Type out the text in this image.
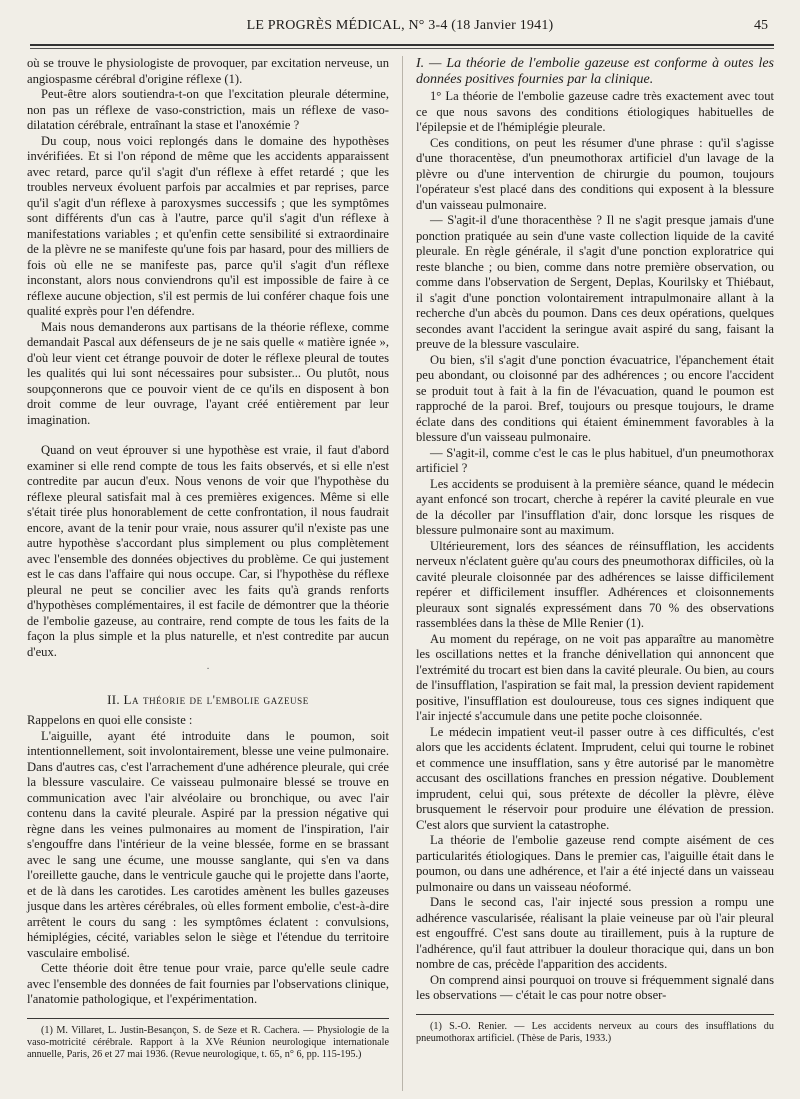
LE PROGRÈS MÉDICAL, N° 3-4 (18 Janvier 1941)	45

où se trouve le physiologiste de provoquer, par excitation nerveuse, un angiospasme cérébral d'origine réflexe (1).

Peut-être alors soutiendra-t-on que l'excitation pleurale détermine, non pas un réflexe de vaso-constriction, mais un réflexe de vaso-dilatation cérébrale, entraînant la stase et l'anoxémie ?

Du coup, nous voici replongés dans le domaine des hypothèses invérifiées. Et si l'on répond de même que les accidents apparaissent avec retard, parce qu'il s'agit d'un réflexe à effet retardé ; que les troubles nerveux évoluent parfois par accalmies et par reprises, parce qu'il s'agit d'un réflexe à paroxysmes successifs ; que les symptômes sont différents d'un cas à l'autre, parce qu'il s'agit d'un réflexe à manifestations variables ; et qu'enfin cette sensibilité si extraordinaire de la plèvre ne se manifeste qu'une fois par hasard, pour des milliers de fois où elle ne se manifeste pas, parce qu'il s'agit d'un réflexe inconstant, alors nous conviendrons qu'il est impossible de faire à ce réflexe aucune objection, s'il est permis de lui conférer chaque fois une qualité exprès pour l'en défendre.

Mais nous demanderons aux partisans de la théorie réflexe, comme demandait Pascal aux défenseurs de je ne sais quelle « matière ignée », d'où leur vient cet étrange pouvoir de doter le réflexe pleural de toutes les qualités qui lui sont nécessaires pour subsister... Ou plutôt, nous soupçonnerons que ce pouvoir vient de ce qu'ils en disposent à bon droit comme de leur ouvrage, l'ayant créé entièrement par leur imagination.

Quand on veut éprouver si une hypothèse est vraie, il faut d'abord examiner si elle rend compte de tous les faits observés, et si elle n'est contredite par aucun d'eux. Nous venons de voir que l'hypothèse du réflexe pleural satisfait mal à ces premières exigences. Même si elle s'était tirée plus honorablement de cette confrontation, il nous faudrait encore, avant de la tenir pour vraie, nous assurer qu'il n'existe pas une autre hypothèse s'accordant plus simplement ou plus complètement avec l'ensemble des données objectives du problème. Ce qui justement est le cas dans l'affaire qui nous occupe. Car, si l'hypothèse du réflexe pleural ne peut se concilier avec les faits qu'à grands renforts d'hypothèses complémentaires, il est facile de démontrer que la théorie de l'embolie gazeuse, au contraire, rend compte de tous les faits de la façon la plus simple et la plus naturelle, et n'est contredite par aucun d'eux.

·
II. La théorie de l'embolie gazeuse

Rappelons en quoi elle consiste :

L'aiguille, ayant été introduite dans le poumon, soit intentionnellement, soit involontairement, blesse une veine pulmonaire. Dans d'autres cas, c'est l'arrachement d'une adhérence pleurale, qui crée la blessure vasculaire. Ce vaisseau pulmonaire blessé se trouve en communication avec l'air alvéolaire ou bronchique, ou avec l'air contenu dans la cavité pleurale. Aspiré par la pression négative qui règne dans les veines pulmonaires au moment de l'inspiration, l'air s'engouffre dans l'intérieur de la veine blessée, forme en se brassant avec le sang une écume, une mousse sanglante, qui s'en va dans l'oreillette gauche, dans le ventricule gauche qui le projette dans l'aorte, et de là dans les carotides. Les carotides amènent les bulles gazeuses jusque dans les artères cérébrales, où elles forment embolie, c'est-à-dire arrêtent le cours du sang : les symptômes éclatent : convulsions, hémiplégies, cécité, variables selon le siège et l'étendue du territoire vasculaire embolisé.

Cette théorie doit être tenue pour vraie, parce qu'elle seule cadre avec l'ensemble des données de fait fournies par l'observations clinique, l'anatomie pathologique, et l'expérimentation.

(1) M. Villaret, L. Justin-Besançon, S. de Seze et R. Cachera. — Physiologie de la vaso-motricité cérébrale. Rapport à la XVe Réunion neurologique internationale annuelle, Paris, 26 et 27 mai 1936. (Revue neurologique, t. 65, n° 6, pp. 115-195.)

I. — La théorie de l'embolie gazeuse est conforme à outes les données positives fournies par la clinique.

1° La théorie de l'embolie gazeuse cadre très exactement avec tout ce que nous savons des conditions étiologiques habituelles de l'épilepsie et de l'hémiplégie pleurale.

Ces conditions, on peut les résumer d'une phrase : qu'il s'agisse d'une thoracentèse, d'un pneumothorax artificiel d'un lavage de la plèvre ou d'une intervention de chirurgie du poumon, toujours l'opérateur s'est placé dans des conditions qui exposent à la blessure d'un vaisseau pulmonaire.

— S'agit-il d'une thoracenthèse ? Il ne s'agit presque jamais d'une ponction pratiquée au sein d'une vaste collection liquide de la cavité pleurale. En règle générale, il s'agit d'une ponction exploratrice qui reste blanche ; ou bien, comme dans notre première observation, ou comme dans l'observation de Sergent, Deplas, Kourilsky et Thiébaut, il s'agit d'une ponction volontairement intrapulmonaire allant à la recherche d'un abcès du poumon. Dans ces deux opérations, quelques secondes avant l'accident la seringue avait aspiré du sang, faisant la preuve de la blessure vasculaire.

Ou bien, s'il s'agit d'une ponction évacuatrice, l'épanchement était peu abondant, ou cloisonné par des adhérences ; ou encore l'accident se produit tout à fait à la fin de l'évacuation, quand le poumon est rapproché de la paroi. Bref, toujours ou presque toujours, le drame éclate dans des conditions qui étaient éminemment favorables à la blessure d'un vaisseau pulmonaire.

— S'agit-il, comme c'est le cas le plus habituel, d'un pneumothorax artificiel ?

Les accidents se produisent à la première séance, quand le médecin ayant enfoncé son trocart, cherche à repérer la cavité pleurale en vue de la décoller par l'insufflation d'air, donc lorsque les risques de blessure pulmonaire sont au maximum.

Ultérieurement, lors des séances de réinsufflation, les accidents nerveux n'éclatent guère qu'au cours des pneumothorax difficiles, où la cavité pleurale cloisonnée par des adhérences se laisse difficilement repérer et difficilement insuffler. Adhérences et cloisonnements pleuraux sont signalés expressément dans 70 % des observations rassemblées dans la thèse de Mlle Renier (1).

Au moment du repérage, on ne voit pas apparaître au manomètre les oscillations nettes et la franche dénivellation qui annoncent que l'extrémité du trocart est bien dans la cavité pleurale. Ou bien, au cours de l'insufflation, l'aspiration se fait mal, la pression devient rapidement positive, l'insufflation est douloureuse, tous ces signes indiquent que l'air injecté s'accumule dans une petite poche cloisonnée.

Le médecin impatient veut-il passer outre à ces difficultés, c'est alors que les accidents éclatent. Imprudent, celui qui tourne le robinet et commence une insufflation, sans y être autorisé par le manomètre accusant des oscillations franches en pression négative. Doublement imprudent, celui qui, sous prétexte de décoller la plèvre, élève brusquement le réservoir pour produire une élévation de pression. C'est alors que survient la catastrophe.

La théorie de l'embolie gazeuse rend compte aisément de ces particularités étiologiques. Dans le premier cas, l'aiguille était dans le poumon, ou dans une adhérence, et l'air a été injecté dans un vaisseau pulmonaire ou dans un vaisseau néoformé.

Dans le second cas, l'air injecté sous pression a rompu une adhérence vascularisée, réalisant la plaie veineuse par où l'air pleural est engouffré. C'est sans doute au tiraillement, puis à la rupture de l'adhérence, qu'il faut attribuer la douleur thoracique qui, dans un bon nombre de cas, précède l'apparition des accidents.

On comprend ainsi pourquoi on trouve si fréquemment signalé dans les observations — c'était le cas pour notre obser-

(1) S.-O. Renier. — Les accidents nerveux au cours des insufflations du pneumothorax artificiel. (Thèse de Paris, 1933.)
